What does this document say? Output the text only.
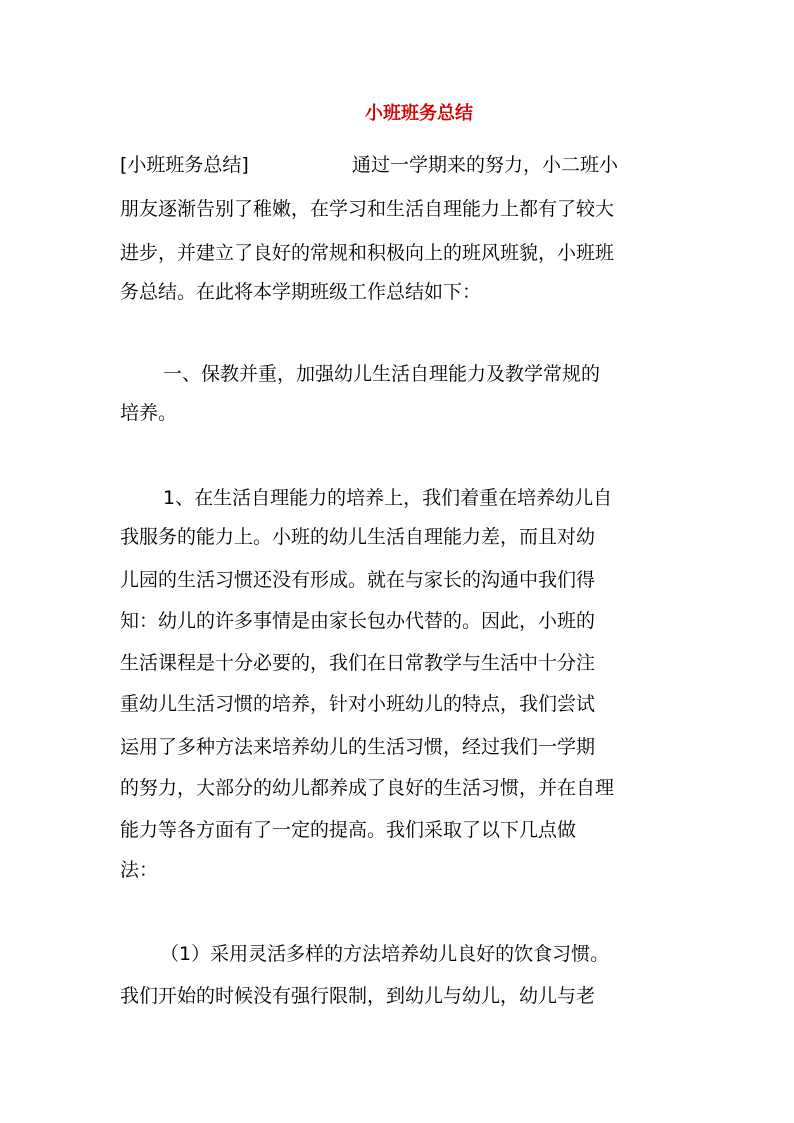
小班班务总结
[小班班务总结]	通过一学期来的努力，小二班小
朋友逐渐告别了稚嫩，在学习和生活自理能力上都有了较大
进步，并建立了良好的常规和积极向上的班风班貌，小班班
务总结。在此将本学期班级工作总结如下：
一、保教并重，加强幼儿生活自理能力及教学常规的
培养。
1、在生活自理能力的培养上，我们着重在培养幼儿自
我服务的能力上。小班的幼儿生活自理能力差，而且对幼
儿园的生活习惯还没有形成。就在与家长的沟通中我们得
知：幼儿的许多事情是由家长包办代替的。因此，小班的
生活课程是十分必要的，我们在日常教学与生活中十分注
重幼儿生活习惯的培养，针对小班幼儿的特点，我们尝试
运用了多种方法来培养幼儿的生活习惯，经过我们一学期
的努力，大部分的幼儿都养成了良好的生活习惯，并在自理
能力等各方面有了一定的提高。我们采取了以下几点做
法：
（1）采用灵活多样的方法培养幼儿良好的饮食习惯。
我们开始的时候没有强行限制，到幼儿与幼儿，幼儿与老
